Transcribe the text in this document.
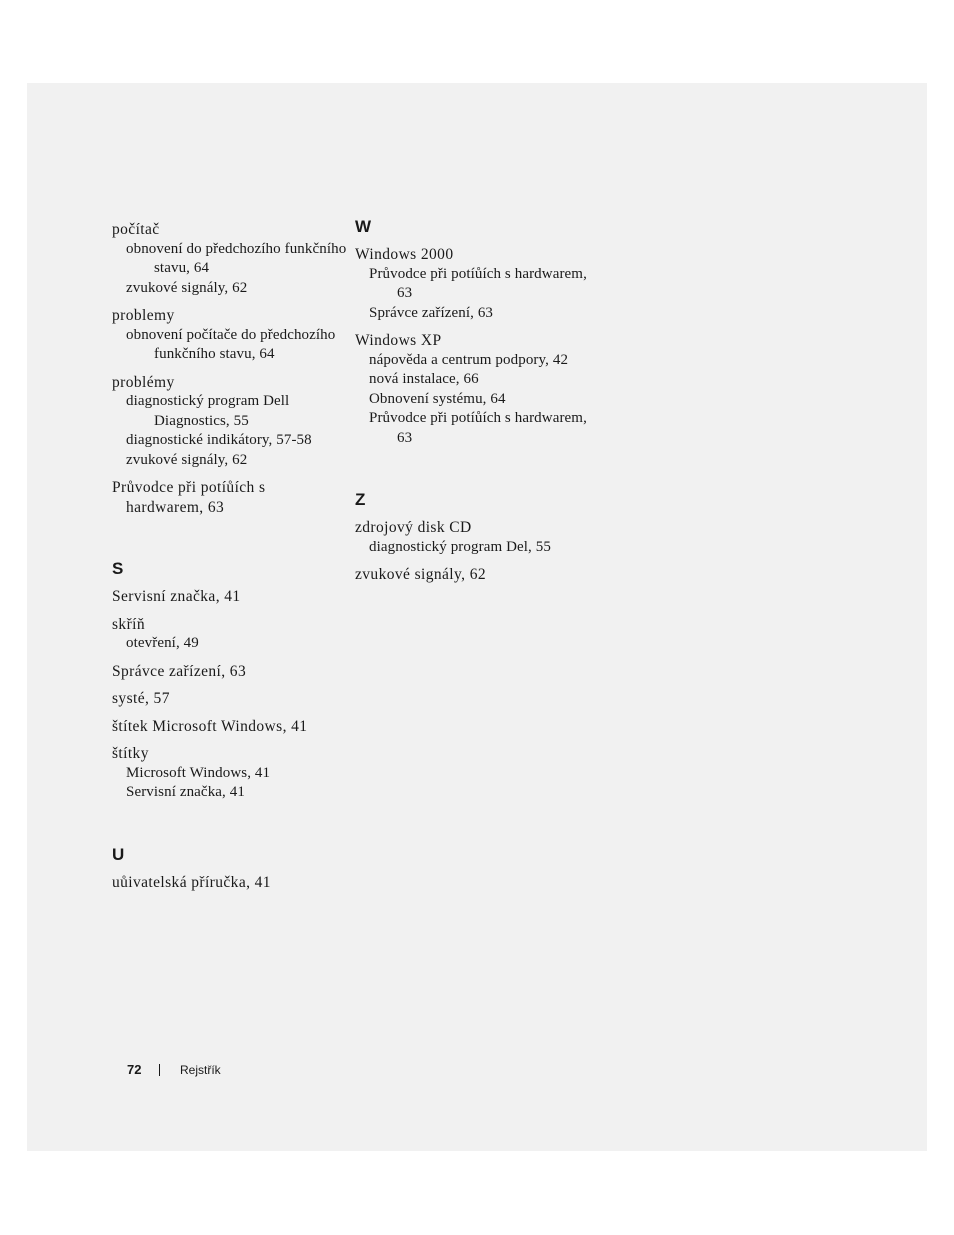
počítač
obnovení do předchozího funkčního stavu, 64
zvukové signály, 62
problemy
obnovení počítače do předchozího funkčního stavu, 64
problémy
diagnostický program Dell Diagnostics, 55
diagnostické indikátory, 57-58
zvukové signály, 62
Průvodce při potíůích s hardwarem, 63
S
Servisní značka, 41
skříň
otevření, 49
Správce zařízení, 63
systé, 57
štítek Microsoft Windows, 41
štítky
Microsoft Windows, 41
Servisní značka, 41
U
uůivatelská příručka, 41
W
Windows 2000
Průvodce při potíůích s hardwarem, 63
Správce zařízení, 63
Windows XP
nápověda a centrum podpory, 42
nová instalace, 66
Obnovení systému, 64
Průvodce při potíůích s hardwarem, 63
Z
zdrojový disk CD
diagnostický program Del, 55
zvukové signály, 62
72	Rejstřík
